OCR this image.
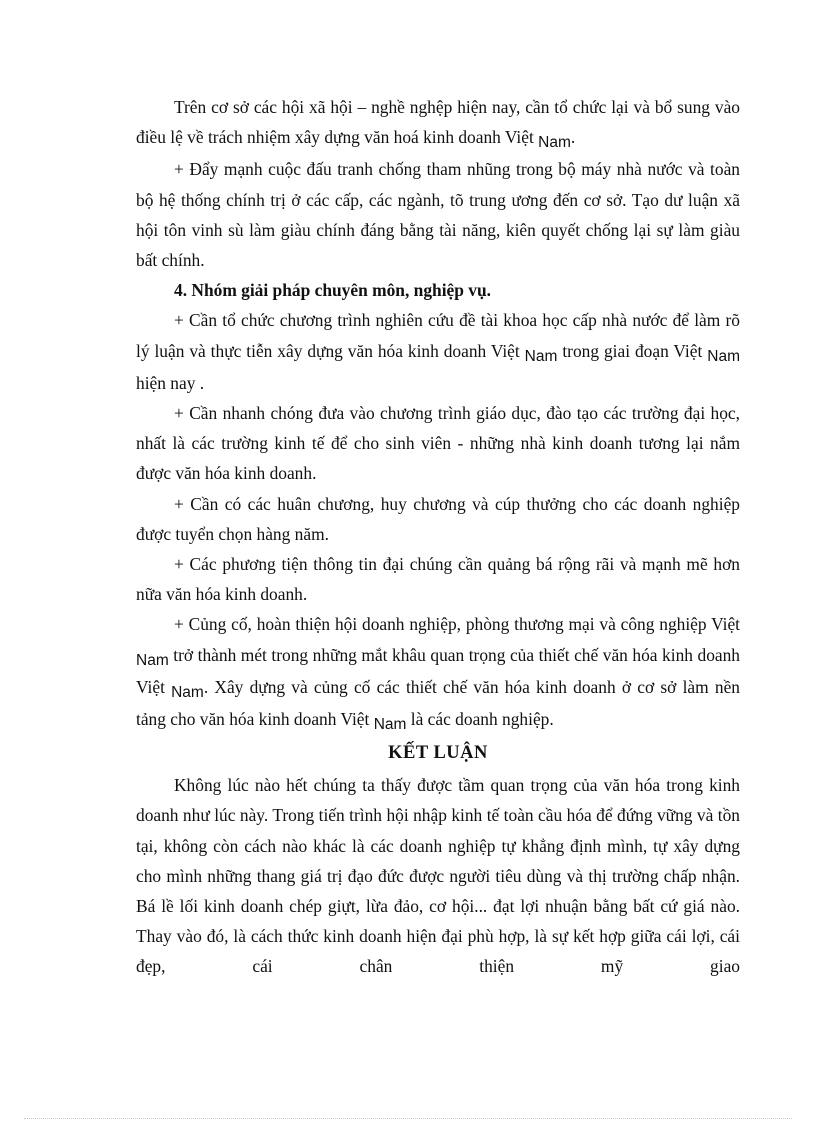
Trên cơ sở các hội xã hội – nghề nghệp hiện nay, cần tổ chức lại và bổ sung vào điều lệ về trách nhiệm xây dựng văn hoá kinh doanh Việt Nam.

+ Đẩy mạnh cuộc đấu tranh chống tham nhũng trong bộ máy nhà nước và toàn bộ hệ thống chính trị ở các cấp, các ngành, tõ trung ương đến cơ sở. Tạo dư luận xã hội tôn vinh sù làm giàu chính đáng bằng tài năng, kiên quyết chống lại sự làm giàu bất chính.

4. Nhóm giải pháp chuyên môn, nghiệp vụ.

+ Cần tổ chức chương trình nghiên cứu đề tài khoa học cấp nhà nước để làm rõ lý luận và thực tiễn xây dựng văn hóa kinh doanh Việt Nam trong giai đoạn Việt Nam hiện nay .

+ Cần nhanh chóng đưa vào chương trình giáo dục, đào tạo các trường đại học, nhất là các trường kinh tế để cho sinh viên - những nhà kinh doanh tương lại nắm được văn hóa kinh doanh.

+ Cần có các huân chương, huy chương và cúp thưởng cho các doanh nghiệp được tuyển chọn hàng năm.

+ Các phương tiện thông tin đại chúng cần quảng bá rộng rãi và mạnh mẽ hơn nữa văn hóa kinh doanh.

+ Củng cố, hoàn thiện hội doanh nghiệp, phòng thương mại và công nghiệp Việt Nam trở thành mét trong những mắt khâu quan trọng của thiết chế văn hóa kinh doanh Việt Nam. Xây dựng và củng cố các thiết chế văn hóa kinh doanh ở cơ sở làm nền tảng cho văn hóa kinh doanh Việt Nam là các doanh nghiệp.

KẾT LUẬN

Không lúc nào hết chúng ta thấy được tầm quan trọng của văn hóa trong kinh doanh như lúc này. Trong tiến trình hội nhập kinh tế toàn cầu hóa để đứng vững và tồn tại, không còn cách nào khác là các doanh nghiệp tự khẳng định mình, tự xây dựng cho mình những thang giá trị đạo đức được người tiêu dùng và thị trường chấp nhận. Bá lề lối kinh doanh chép giựt, lừa đảo, cơ hội... đạt lợi nhuận bằng bất cứ giá nào. Thay vào đó, là cách thức kinh doanh hiện đại phù hợp, là sự kết hợp giữa cái lợi, cái đẹp, cái chân thiện mỹ giao
